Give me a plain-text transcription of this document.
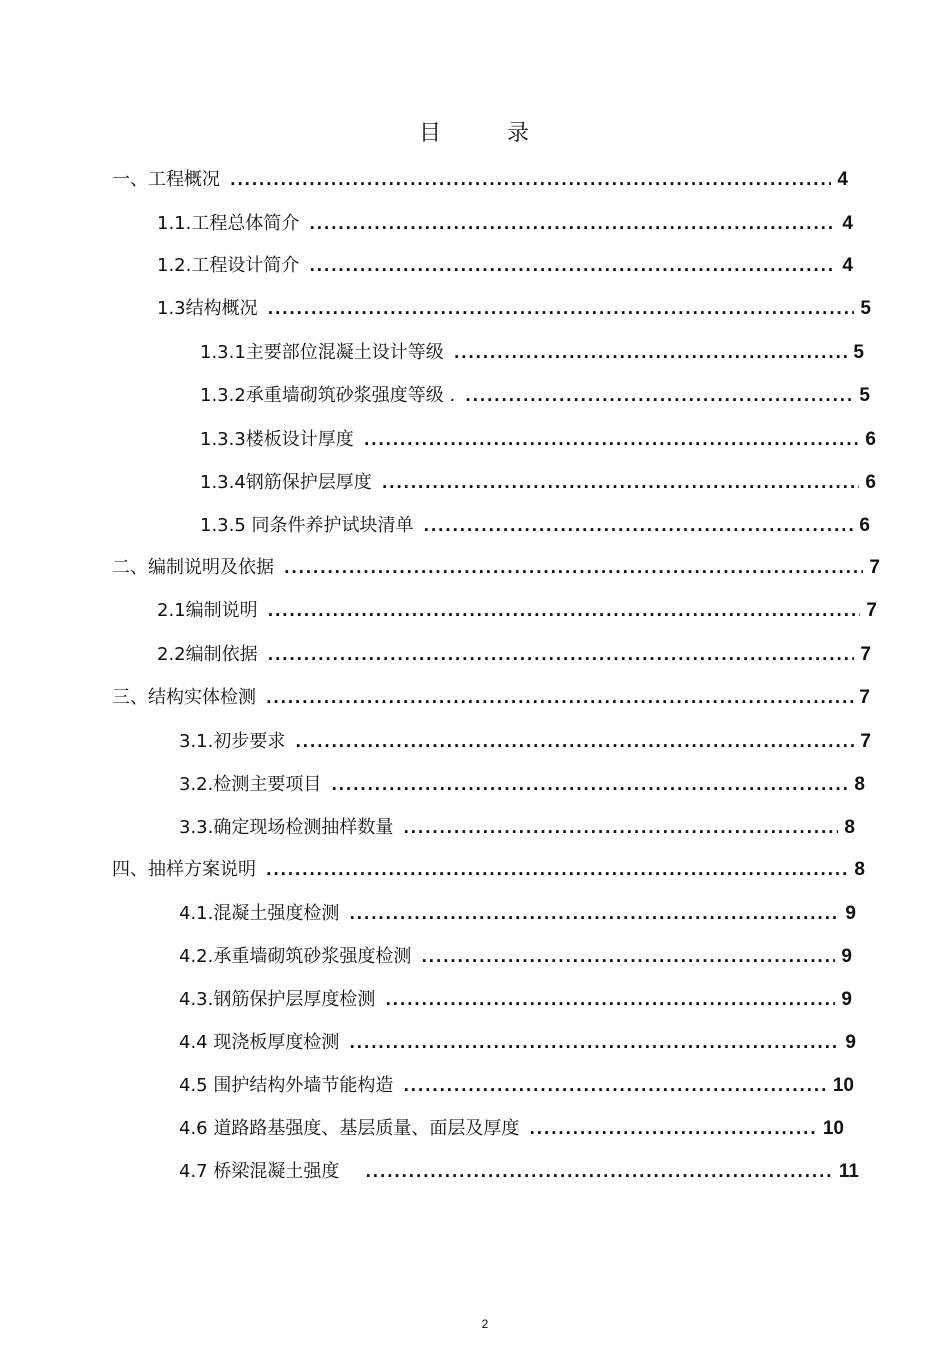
目　录
一、工程概况 .....	4
1.1.工程总体简介 .....	4
1.2.工程设计简介 .....	4
1.3结构概况 .....	5
1.3.1主要部位混凝土设计等级 .....	5
1.3.2承重墙砌筑砂浆强度等级 . .....	5
1.3.3楼板设计厚度 .....	6
1.3.4钢筋保护层厚度 .....	6
1.3.5 同条件养护试块清单 .....	6
二、编制说明及依据 .....	7
2.1编制说明 .....	7
2.2编制依据 .....	7
三、结构实体检测 .....	7
3.1.初步要求 .....	7
3.2.检测主要项目 .....	8
3.3.确定现场检测抽样数量 .....	8
四、抽样方案说明 .....	8
4.1.混凝土强度检测 .....	9
4.2.承重墙砌筑砂浆强度检测 .....	9
4.3.钢筋保护层厚度检测 .....	9
4.4 现浇板厚度检测 .....	9
4.5 围护结构外墙节能构造 .....	10
4.6 道路路基强度、基层质量、面层及厚度 .....	10
4.7 桥梁混凝土强度 .....	11
2
